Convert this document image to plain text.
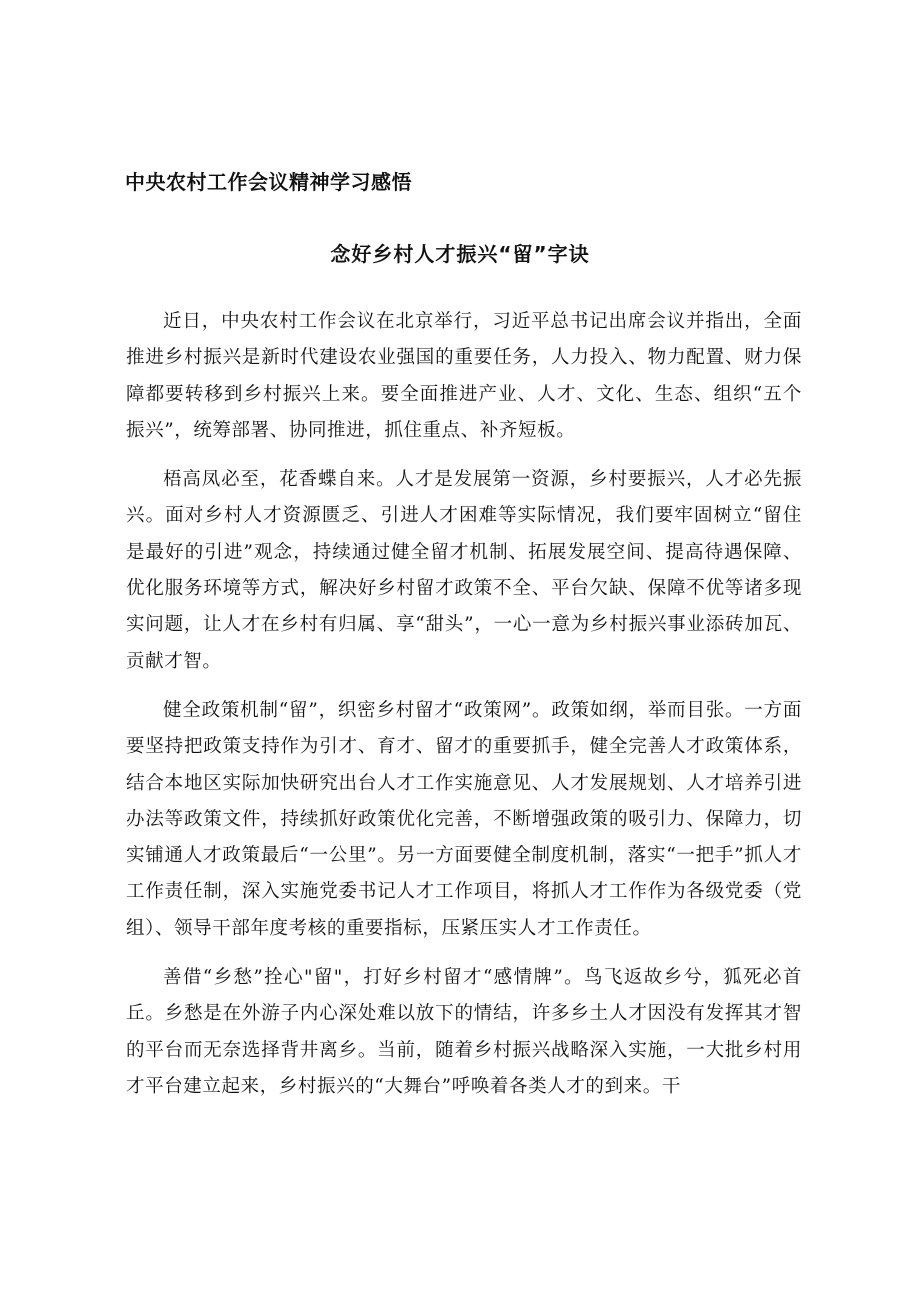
中央农村工作会议精神学习感悟
念好乡村人才振兴“留”字诀

近日，中央农村工作会议在北京举行，习近平总书记出席会议并指出，全面推进乡村振兴是新时代建设农业强国的重要任务，人力投入、物力配置、财力保障都要转移到乡村振兴上来。要全面推进产业、人才、文化、生态、组织“五个振兴”，统筹部署、协同推进，抓住重点、补齐短板。

梧高凤必至，花香蝶自来。人才是发展第一资源，乡村要振兴，人才必先振兴。面对乡村人才资源匮乏、引进人才困难等实际情况，我们要牢固树立“留住是最好的引进”观念，持续通过健全留才机制、拓展发展空间、提高待遇保障、优化服务环境等方式，解决好乡村留才政策不全、平台欠缺、保障不优等诸多现实问题，让人才在乡村有归属、享“甜头”，一心一意为乡村振兴事业添砖加瓦、贡献才智。

健全政策机制“留”，织密乡村留才“政策网”。政策如纲，举而目张。一方面要坚持把政策支持作为引才、育才、留才的重要抓手，健全完善人才政策体系，结合本地区实际加快研究出台人才工作实施意见、人才发展规划、人才培养引进办法等政策文件，持续抓好政策优化完善，不断增强政策的吸引力、保障力，切实铺通人才政策最后“一公里”。另一方面要健全制度机制，落实“一把手”抓人才工作责任制，深入实施党委书记人才工作项目，将抓人才工作作为各级党委（党组）、领导干部年度考核的重要指标，压紧压实人才工作责任。

善借“乡愁”拴心"留"，打好乡村留才“感情牌”。鸟飞返故乡兮，狐死必首丘。乡愁是在外游子内心深处难以放下的情结，许多乡土人才因没有发挥其才智的平台而无奈选择背井离乡。当前，随着乡村振兴战略深入实施，一大批乡村用才平台建立起来，乡村振兴的“大舞台”呼唤着各类人才的到来。干
